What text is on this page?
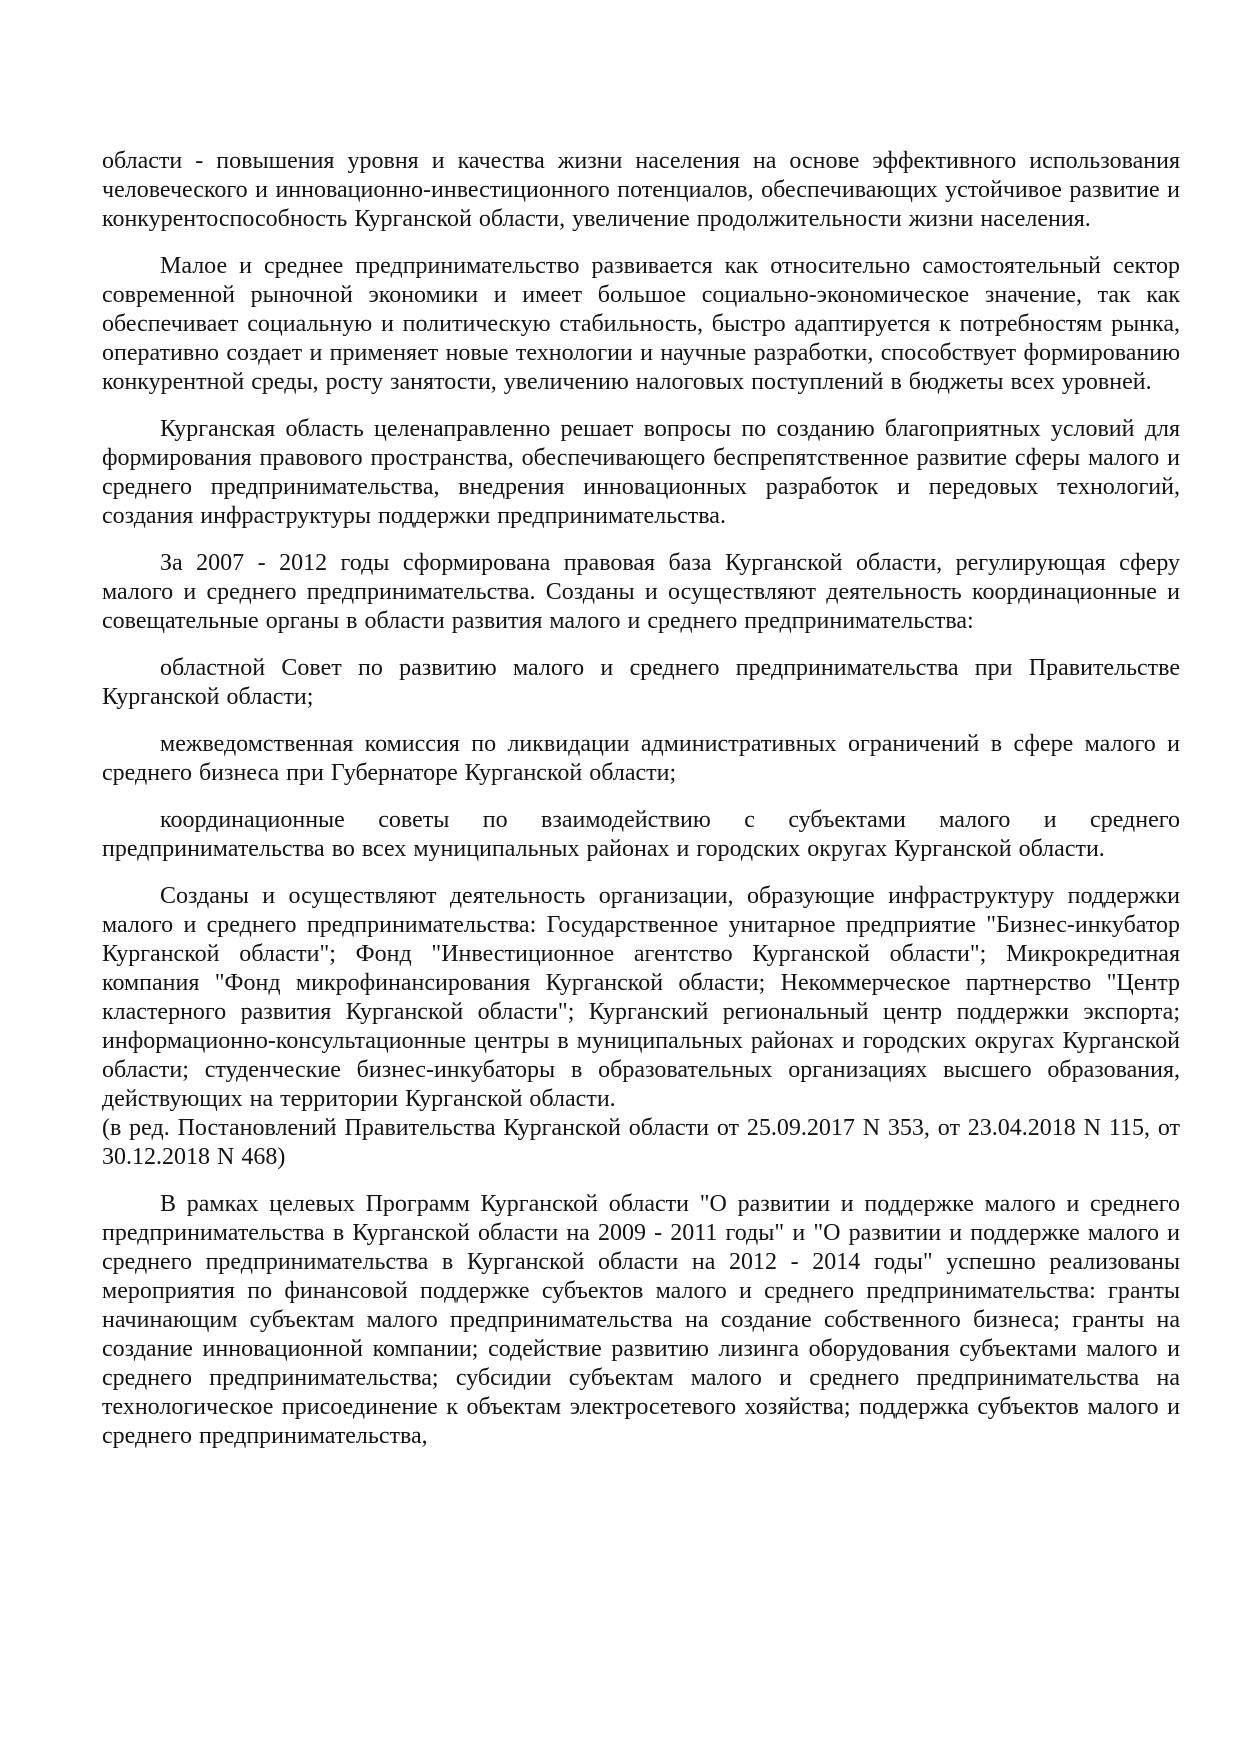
области - повышения уровня и качества жизни населения на основе эффективного использования человеческого и инновационно-инвестиционного потенциалов, обеспечивающих устойчивое развитие и конкурентоспособность Курганской области, увеличение продолжительности жизни населения.

Малое и среднее предпринимательство развивается как относительно самостоятельный сектор современной рыночной экономики и имеет большое социально-экономическое значение, так как обеспечивает социальную и политическую стабильность, быстро адаптируется к потребностям рынка, оперативно создает и применяет новые технологии и научные разработки, способствует формированию конкурентной среды, росту занятости, увеличению налоговых поступлений в бюджеты всех уровней.

Курганская область целенаправленно решает вопросы по созданию благоприятных условий для формирования правового пространства, обеспечивающего беспрепятственное развитие сферы малого и среднего предпринимательства, внедрения инновационных разработок и передовых технологий, создания инфраструктуры поддержки предпринимательства.

За 2007 - 2012 годы сформирована правовая база Курганской области, регулирующая сферу малого и среднего предпринимательства. Созданы и осуществляют деятельность координационные и совещательные органы в области развития малого и среднего предпринимательства:

областной Совет по развитию малого и среднего предпринимательства при Правительстве Курганской области;

межведомственная комиссия по ликвидации административных ограничений в сфере малого и среднего бизнеса при Губернаторе Курганской области;

координационные советы по взаимодействию с субъектами малого и среднего предпринимательства во всех муниципальных районах и городских округах Курганской области.

Созданы и осуществляют деятельность организации, образующие инфраструктуру поддержки малого и среднего предпринимательства: Государственное унитарное предприятие "Бизнес-инкубатор Курганской области"; Фонд "Инвестиционное агентство Курганской области"; Микрокредитная компания "Фонд микрофинансирования Курганской области; Некоммерческое партнерство "Центр кластерного развития Курганской области"; Курганский региональный центр поддержки экспорта; информационно-консультационные центры в муниципальных районах и городских округах Курганской области; студенческие бизнес-инкубаторы в образовательных организациях высшего образования, действующих на территории Курганской области.

(в ред. Постановлений Правительства Курганской области от 25.09.2017 N 353, от 23.04.2018 N 115, от 30.12.2018 N 468)

В рамках целевых Программ Курганской области "О развитии и поддержке малого и среднего предпринимательства в Курганской области на 2009 - 2011 годы" и "О развитии и поддержке малого и среднего предпринимательства в Курганской области на 2012 - 2014 годы" успешно реализованы мероприятия по финансовой поддержке субъектов малого и среднего предпринимательства: гранты начинающим субъектам малого предпринимательства на создание собственного бизнеса; гранты на создание инновационной компании; содействие развитию лизинга оборудования субъектами малого и среднего предпринимательства; субсидии субъектам малого и среднего предпринимательства на технологическое присоединение к объектам электросетевого хозяйства; поддержка субъектов малого и среднего предпринимательства,
